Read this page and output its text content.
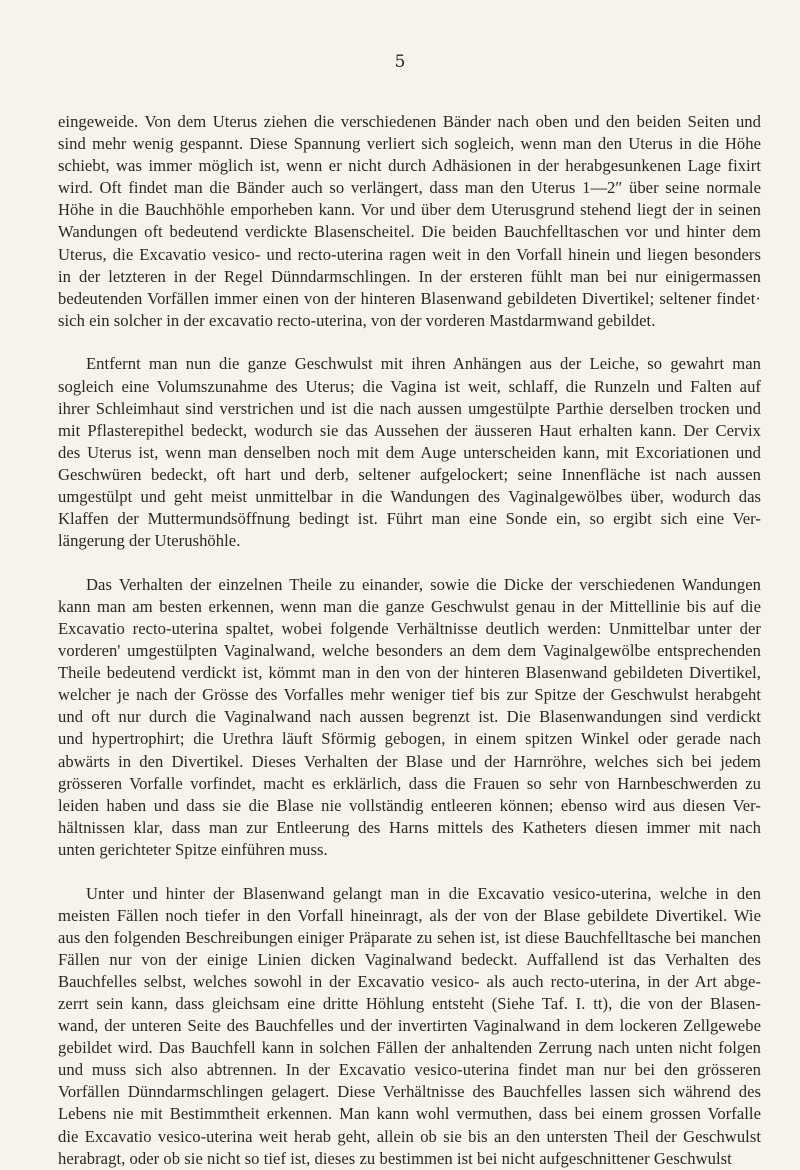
5
eingeweide. Von dem Uterus ziehen die verschiedenen Bänder nach oben und den beiden Seiten und
sind mehr wenig gespannt. Diese Spannung verliert sich sogleich, wenn man den Uterus in die Höhe
schiebt, was immer möglich ist, wenn er nicht durch Adhäsionen in der herabgesunkenen Lage fixirt
wird. Oft findet man die Bänder auch so verlängert, dass man den Uterus 1—2″ über seine normale
Höhe in die Bauchhöhle emporheben kann. Vor und über dem Uterusgrund stehend liegt der in seinen
Wandungen oft bedeutend verdickte Blasenscheitel. Die beiden Bauchfelltaschen vor und hinter dem
Uterus, die Excavatio vesico- und recto-uterina ragen weit in den Vorfall hinein und liegen besonders
in der letzteren in der Regel Dünndarmschlingen. In der ersteren fühlt man bei nur einigermassen
bedeutenden Vorfällen immer einen von der hinteren Blasenwand gebildeten Divertikel; seltener findet·
sich ein solcher in der excavatio recto-uterina, von der vorderen Mastdarmwand gebildet.
Entfernt man nun die ganze Geschwulst mit ihren Anhängen aus der Leiche, so gewahrt man
sogleich eine Volumszunahme des Uterus; die Vagina ist weit, schlaff, die Runzeln und Falten auf
ihrer Schleimhaut sind verstrichen und ist die nach aussen umgestülpte Parthie derselben trocken und
mit Pflasterepithel bedeckt, wodurch sie das Aussehen der äusseren Haut erhalten kann. Der Cervix
des Uterus ist, wenn man denselben noch mit dem Auge unterscheiden kann, mit Excoriationen und
Geschwüren bedeckt, oft hart und derb, seltener aufgelockert; seine Innenfläche ist nach aussen
umgestülpt und geht meist unmittelbar in die Wandungen des Vaginalgewölbes über, wodurch das
Klaffen der Muttermundsöffnung bedingt ist. Führt man eine Sonde ein, so ergibt sich eine Ver-
längerung der Uterushöhle.
Das Verhalten der einzelnen Theile zu einander, sowie die Dicke der verschiedenen Wandungen
kann man am besten erkennen, wenn man die ganze Geschwulst genau in der Mittellinie bis auf die
Excavatio recto-uterina spaltet, wobei folgende Verhältnisse deutlich werden: Unmittelbar unter der
vorderen' umgestülpten Vaginalwand, welche besonders an dem dem Vaginalgewölbe entsprechenden
Theile bedeutend verdickt ist, kömmt man in den von der hinteren Blasenwand gebildeten Divertikel,
welcher je nach der Grösse des Vorfalles mehr weniger tief bis zur Spitze der Geschwulst herabgeht
und oft nur durch die Vaginalwand nach aussen begrenzt ist. Die Blasenwandungen sind verdickt
und hypertrophirt; die Urethra läuft Sförmig gebogen, in einem spitzen Winkel oder gerade nach
abwärts in den Divertikel. Dieses Verhalten der Blase und der Harnröhre, welches sich bei jedem
grösseren Vorfalle vorfindet, macht es erklärlich, dass die Frauen so sehr von Harnbeschwerden zu
leiden haben und dass sie die Blase nie vollständig entleeren können; ebenso wird aus diesen Ver-
hältnissen klar, dass man zur Entleerung des Harns mittels des Katheters diesen immer mit nach
unten gerichteter Spitze einführen muss.
Unter und hinter der Blasenwand gelangt man in die Excavatio vesico-uterina, welche in den
meisten Fällen noch tiefer in den Vorfall hineinragt, als der von der Blase gebildete Divertikel. Wie
aus den folgenden Beschreibungen einiger Präparate zu sehen ist, ist diese Bauchfelltasche bei manchen
Fällen nur von der einige Linien dicken Vaginalwand bedeckt. Auffallend ist das Verhalten des
Bauchfelles selbst, welches sowohl in der Excavatio vesico- als auch recto-uterina, in der Art abge-
zerrt sein kann, dass gleichsam eine dritte Höhlung entsteht (Siehe Taf. I. tt), die von der Blasen-
wand, der unteren Seite des Bauchfelles und der invertirten Vaginalwand in dem lockeren Zellgewebe
gebildet wird. Das Bauchfell kann in solchen Fällen der anhaltenden Zerrung nach unten nicht folgen
und muss sich also abtrennen. In der Excavatio vesico-uterina findet man nur bei den grösseren
Vorfällen Dünndarmschlingen gelagert. Diese Verhältnisse des Bauchfelles lassen sich während des
Lebens nie mit Bestimmtheit erkennen. Man kann wohl vermuthen, dass bei einem grossen Vorfalle
die Excavatio vesico-uterina weit herab geht, allein ob sie bis an den untersten Theil der Geschwulst
herabragt, oder ob sie nicht so tief ist, dieses zu bestimmen ist bei nicht aufgeschnittener Geschwulst
